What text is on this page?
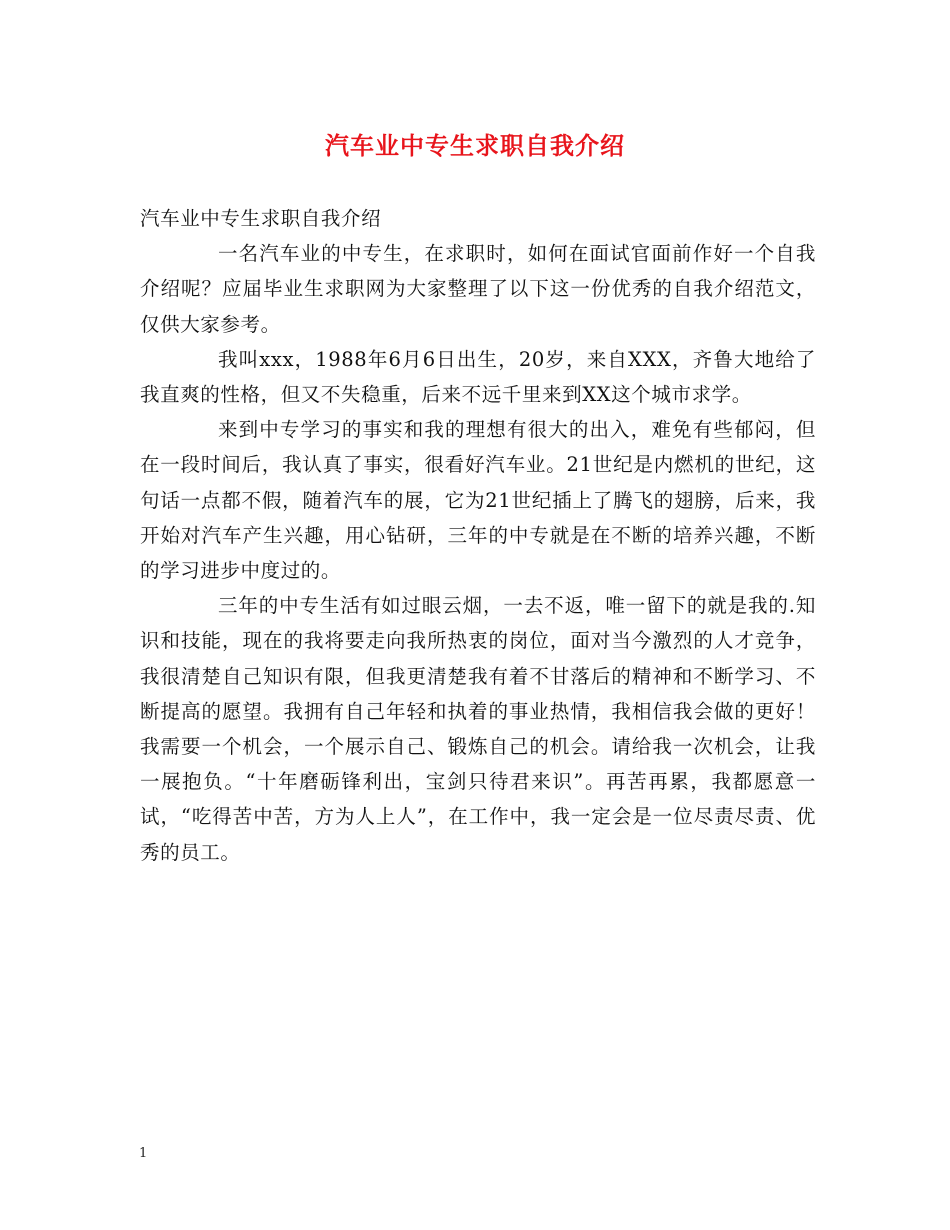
汽车业中专生求职自我介绍

汽车业中专生求职自我介绍

一名汽车业的中专生，在求职时，如何在面试官面前作好一个自我介绍呢？应届毕业生求职网为大家整理了以下这一份优秀的自我介绍范文，仅供大家参考。

我叫xxx，1988年6月6日出生，20岁，来自XXX，齐鲁大地给了我直爽的性格，但又不失稳重，后来不远千里来到XX这个城市求学。

来到中专学习的事实和我的理想有很大的出入，难免有些郁闷，但在一段时间后，我认真了事实，很看好汽车业。21世纪是内燃机的世纪，这句话一点都不假，随着汽车的展，它为21世纪插上了腾飞的翅膀，后来，我开始对汽车产生兴趣，用心钻研，三年的中专就是在不断的培养兴趣，不断的学习进步中度过的。

三年的中专生活有如过眼云烟，一去不返，唯一留下的就是我的.知识和技能，现在的我将要走向我所热衷的岗位，面对当今激烈的人才竞争，我很清楚自己知识有限，但我更清楚我有着不甘落后的精神和不断学习、不断提高的愿望。我拥有自己年轻和执着的事业热情，我相信我会做的更好！我需要一个机会，一个展示自己、锻炼自己的机会。请给我一次机会，让我一展抱负。“十年磨砺锋利出，宝剑只待君来识”。再苦再累，我都愿意一试，“吃得苦中苦，方为人上人”，在工作中，我一定会是一位尽责尽责、优秀的员工。

1
